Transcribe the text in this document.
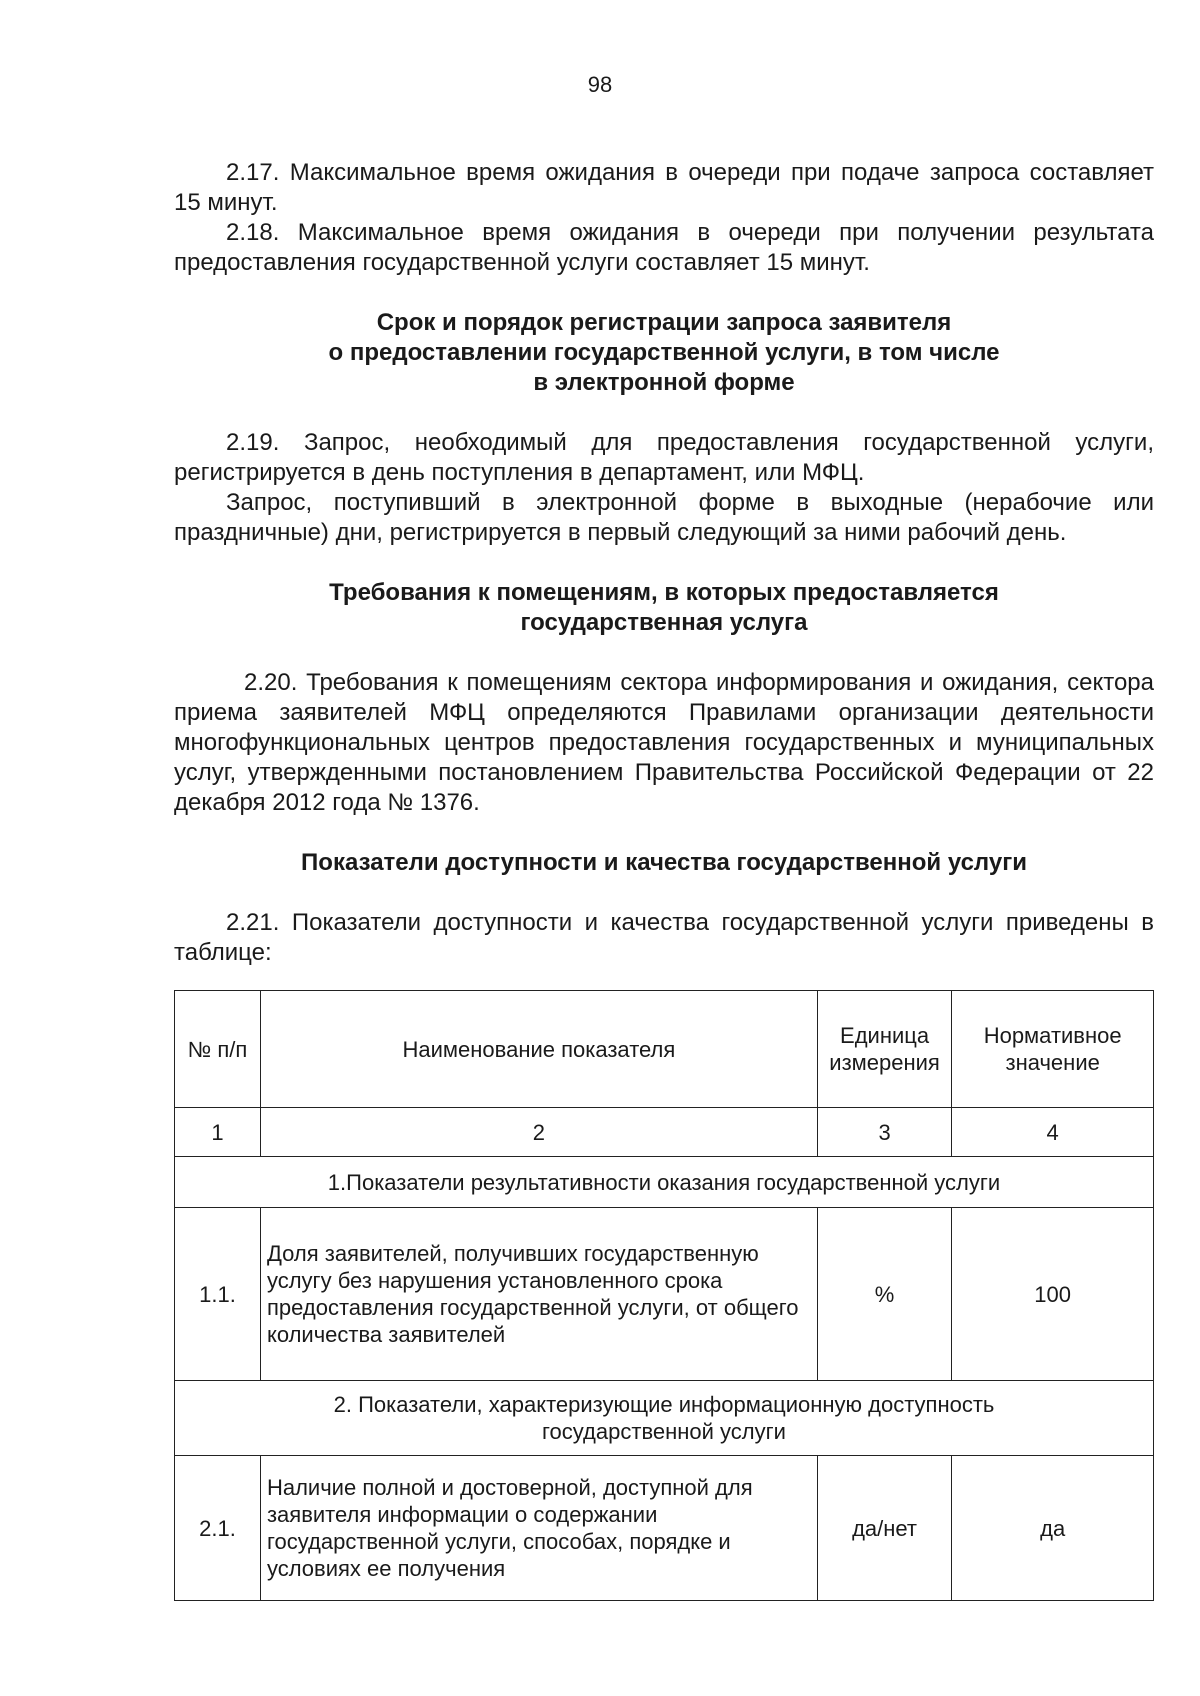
98

2.17. Максимальное время ожидания в очереди при подаче запроса составляет 15 минут.

2.18. Максимальное время ожидания в очереди при получении результата предоставления государственной услуги составляет 15 минут.

Срок и порядок регистрации запроса заявителя
о предоставлении государственной услуги, в том числе
в электронной форме

2.19. Запрос, необходимый для предоставления государственной услуги, регистрируется в день поступления в департамент, или МФЦ.

Запрос, поступивший в электронной форме в выходные (нерабочие или праздничные) дни, регистрируется в первый следующий за ними рабочий день.

Требования к помещениям, в которых предоставляется
государственная услуга

2.20. Требования к помещениям сектора информирования и ожидания, сектора приема заявителей МФЦ определяются Правилами организации деятельности многофункциональных центров предоставления государственных и муниципальных услуг, утвержденными постановлением Правительства Российской Федерации от 22 декабря 2012 года № 1376.

Показатели доступности и качества государственной услуги

2.21. Показатели доступности и качества государственной услуги приведены в таблице:

№ п/п	Наименование показателя	Единица измерения	Нормативное значение
1	2	3	4
1.Показатели результативности оказания государственной услуги			
1.1.	Доля заявителей, получивших государственную услугу без нарушения установленного срока предоставления государственной услуги, от общего количества заявителей	%	100
2. Показатели, характеризующие информационную доступность государственной услуги			
2.1.	Наличие полной и достоверной, доступной для заявителя информации о содержании государственной услуги, способах, порядке и условиях ее получения	да/нет	да
